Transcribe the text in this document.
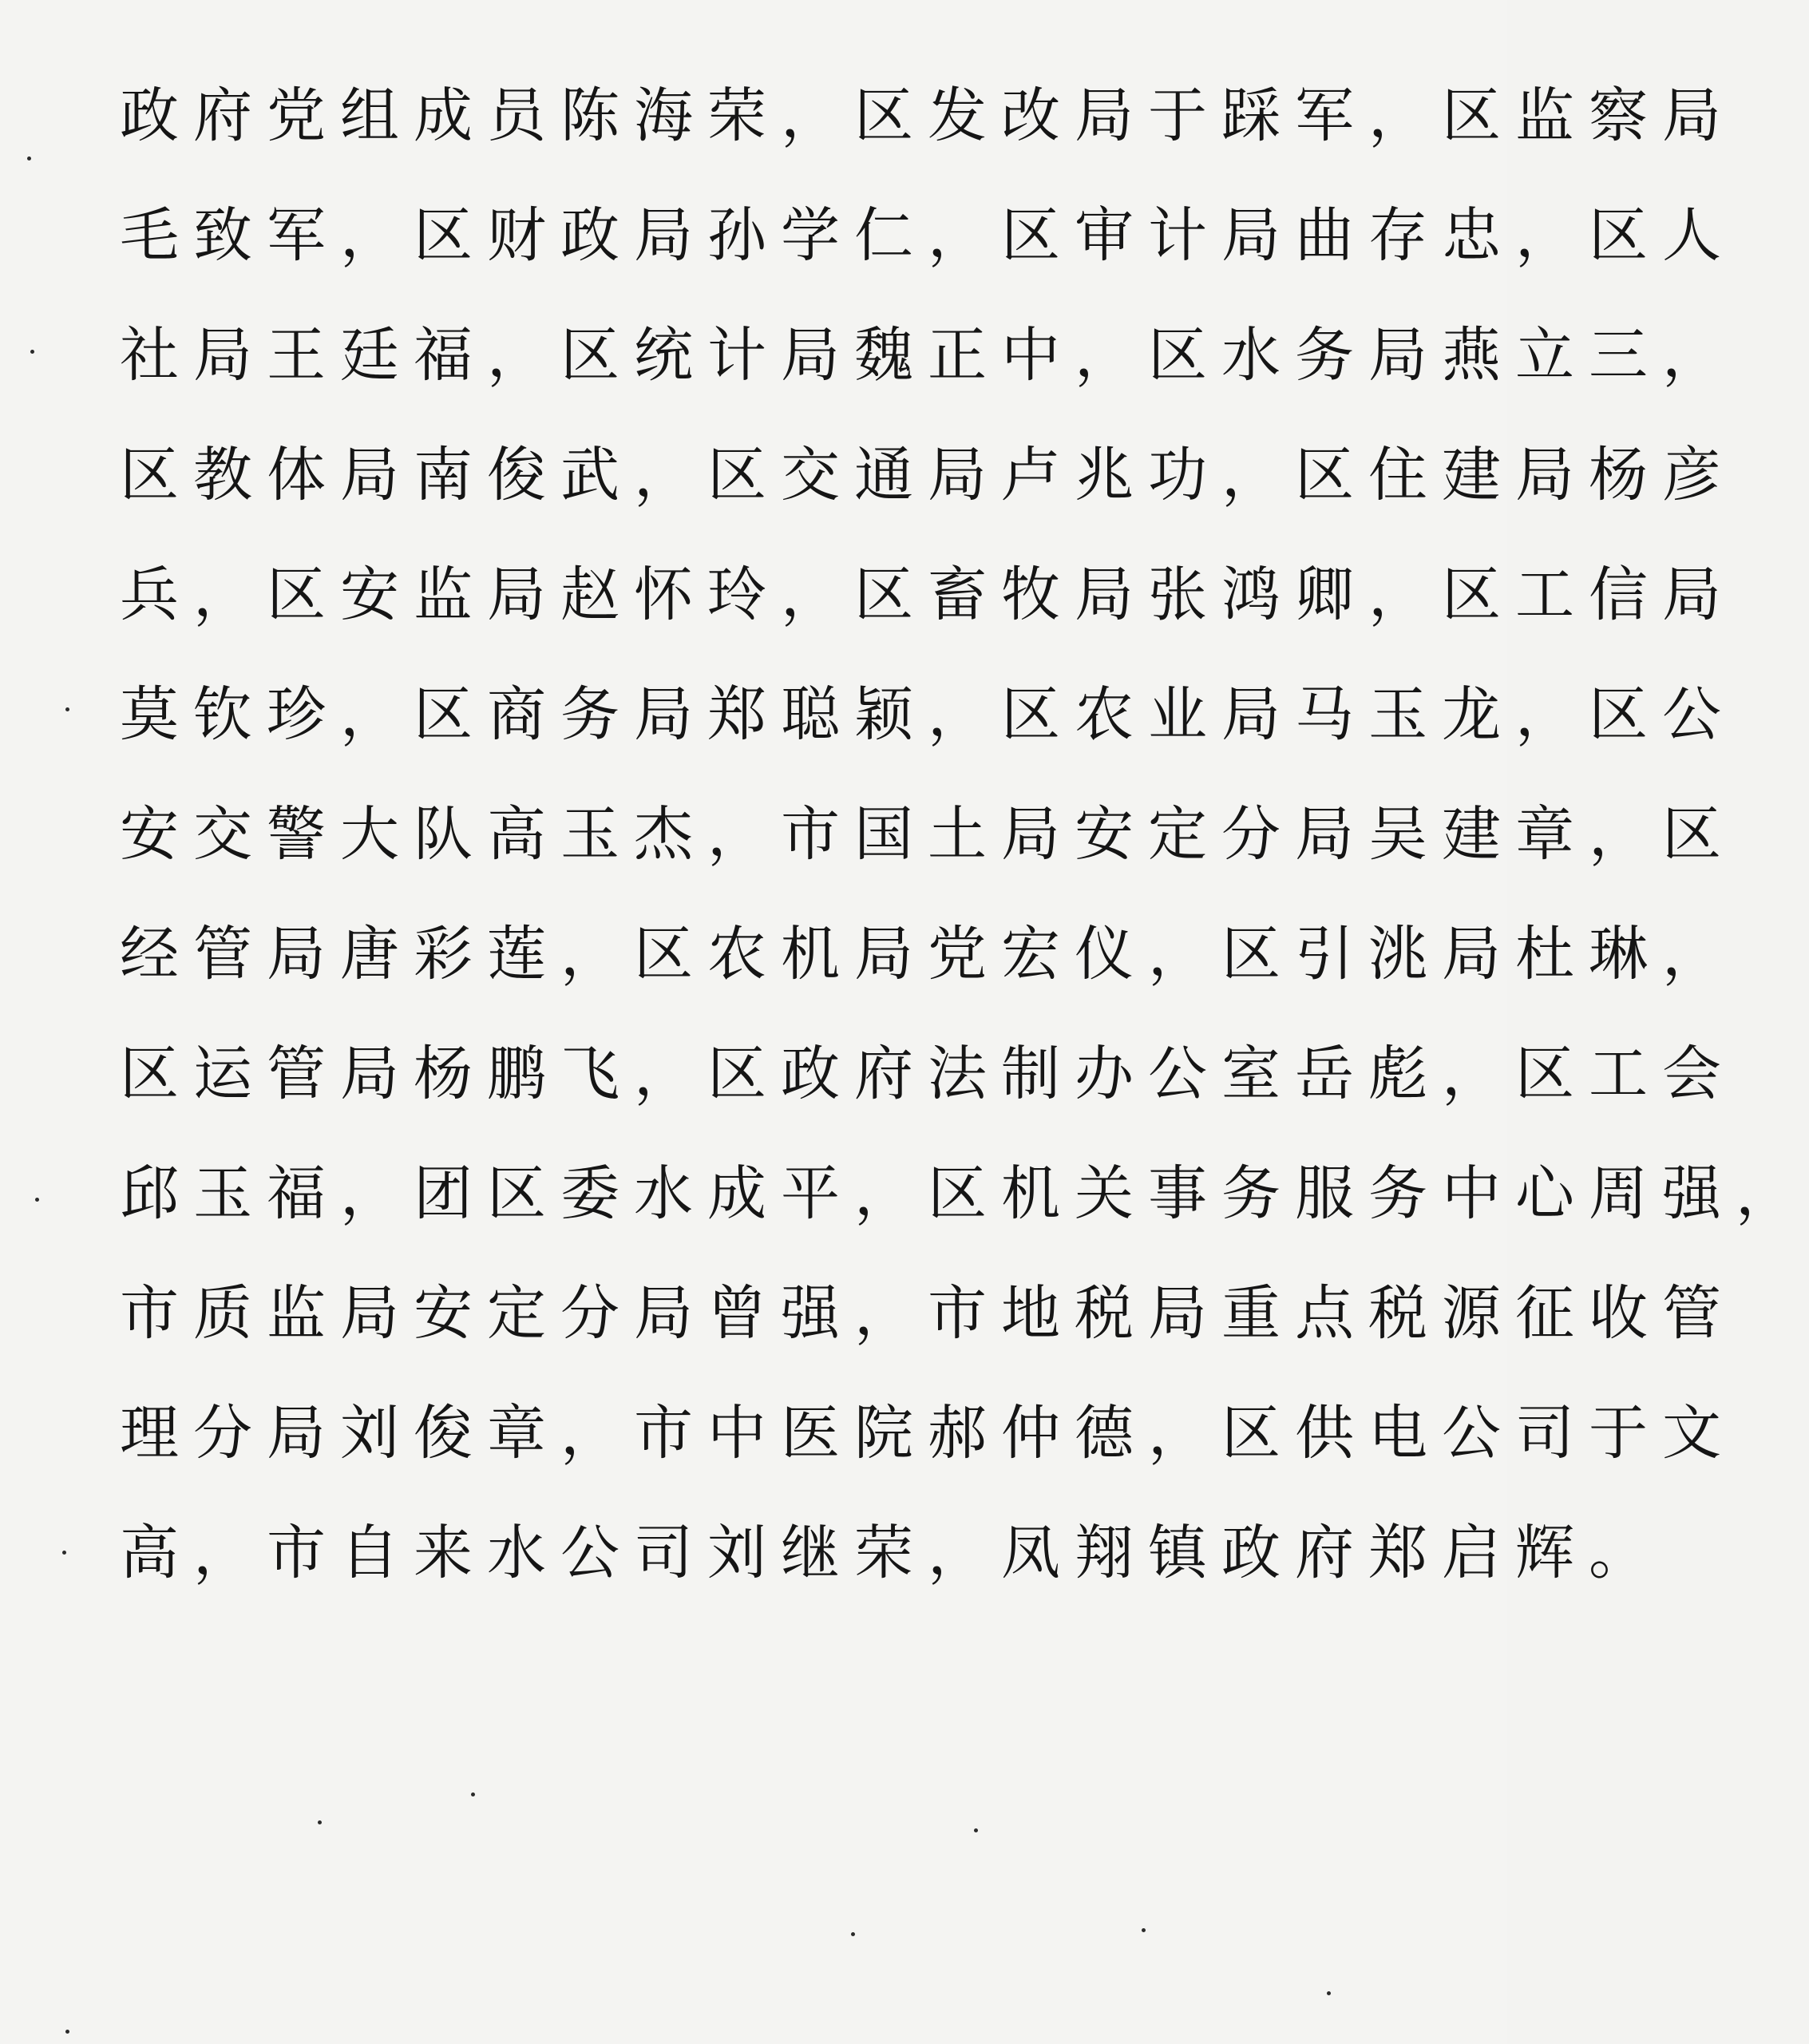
政府党组成员陈海荣，区发改局于踩军，区监察局
毛致军，区财政局孙学仁，区审计局曲存忠，区人
社局王廷福，区统计局魏正中，区水务局燕立三，
区教体局南俊武，区交通局卢兆功，区住建局杨彦
兵，区安监局赵怀玲，区畜牧局张鸿卿，区工信局
莫钦珍，区商务局郑聪颖，区农业局马玉龙，区公
安交警大队高玉杰，市国土局安定分局吴建章，区
经管局唐彩莲，区农机局党宏仪，区引洮局杜琳，
区运管局杨鹏飞，区政府法制办公室岳彪，区工会
邱玉福，团区委水成平，区机关事务服务中心周强，
市质监局安定分局曾强，市地税局重点税源征收管
理分局刘俊章，市中医院郝仲德，区供电公司于文
高，市自来水公司刘继荣，凤翔镇政府郑启辉。
